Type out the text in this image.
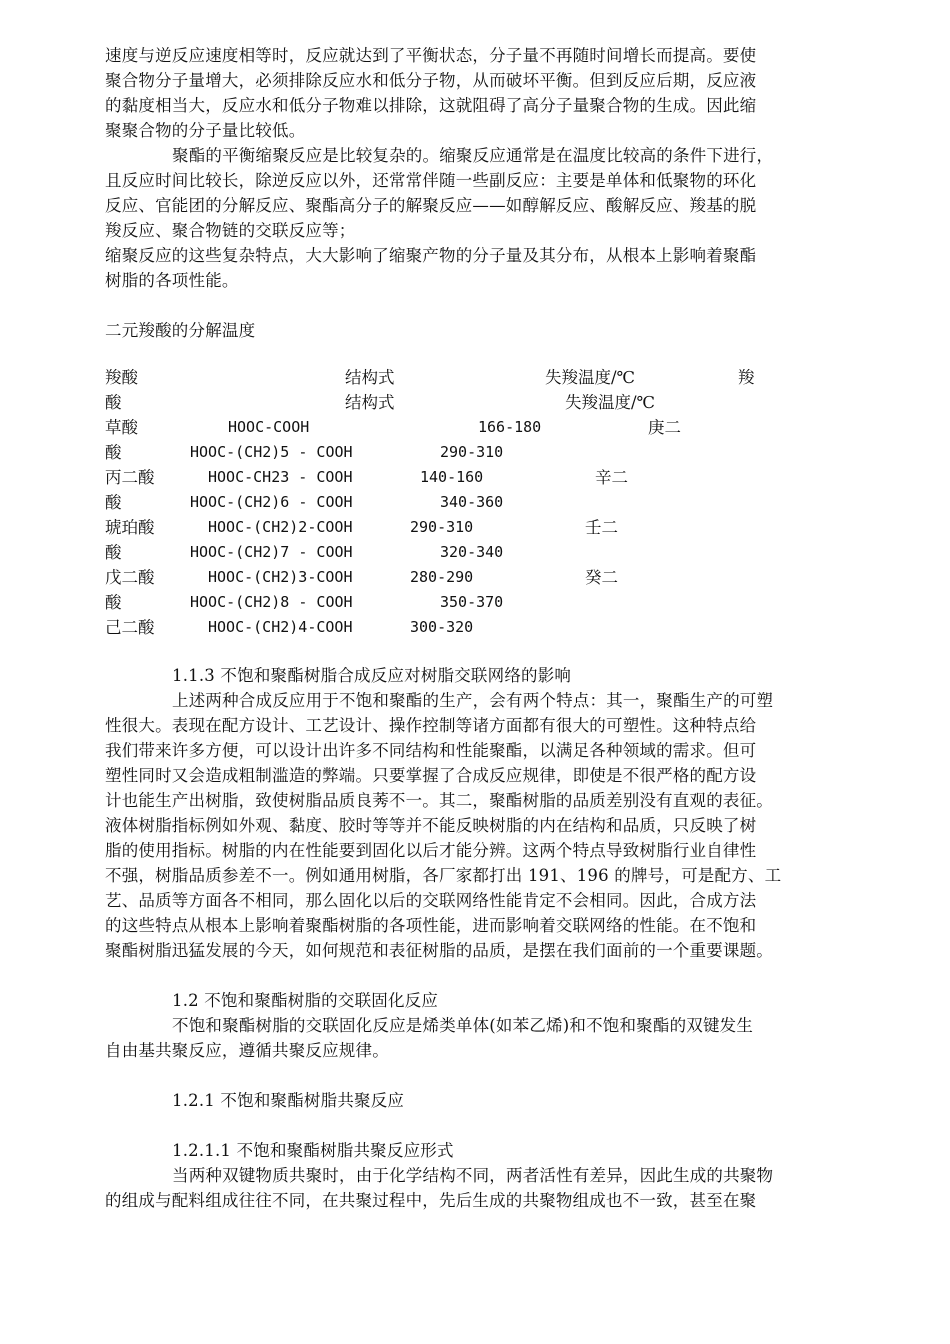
速度与逆反应速度相等时，反应就达到了平衡状态，分子量不再随时间增长而提高。要使
聚合物分子量增大，必须排除反应水和低分子物，从而破坏平衡。但到反应后期，反应液
的黏度相当大，反应水和低分子物难以排除，这就阻碍了高分子量聚合物的生成。因此缩
聚聚合物的分子量比较低。
聚酯的平衡缩聚反应是比较复杂的。缩聚反应通常是在温度比较高的条件下进行，
且反应时间比较长，除逆反应以外，还常常伴随一些副反应：主要是单体和低聚物的环化
反应、官能团的分解反应、聚酯高分子的解聚反应——如醇解反应、酸解反应、羧基的脱
羧反应、聚合物链的交联反应等；
缩聚反应的这些复杂特点，大大影响了缩聚产物的分子量及其分布，从根本上影响着聚酯
树脂的各项性能。
二元羧酸的分解温度
羧酸	结构式	失羧温度/℃	羧
酸	结构式	失羧温度/℃
草酸	HOOC-COOH	166-180	庚二
酸	HOOC-(CH2)5 - COOH	290-310
丙二酸	HOOC-CH23 - COOH	140-160	辛二
酸	HOOC-(CH2)6 - COOH	340-360
琥珀酸	HOOC-(CH2)2-COOH	290-310	壬二
酸	HOOC-(CH2)7 - COOH	320-340
戊二酸	HOOC-(CH2)3-COOH	280-290	癸二
酸	HOOC-(CH2)8 - COOH	350-370
己二酸	HOOC-(CH2)4-COOH	300-320
1.1.3 不饱和聚酯树脂合成反应对树脂交联网络的影响
上述两种合成反应用于不饱和聚酯的生产，会有两个特点：其一，聚酯生产的可塑
性很大。表现在配方设计、工艺设计、操作控制等诸方面都有很大的可塑性。这种特点给
我们带来许多方便，可以设计出许多不同结构和性能聚酯，以满足各种领域的需求。但可
塑性同时又会造成粗制滥造的弊端。只要掌握了合成反应规律，即使是不很严格的配方设
计也能生产出树脂，致使树脂品质良莠不一。其二，聚酯树脂的品质差别没有直观的表征。
液体树脂指标例如外观、黏度、胶时等等并不能反映树脂的内在结构和品质，只反映了树
脂的使用指标。树脂的内在性能要到固化以后才能分辨。这两个特点导致树脂行业自律性
不强，树脂品质参差不一。例如通用树脂，各厂家都打出 191、196 的牌号，可是配方、工
艺、品质等方面各不相同，那么固化以后的交联网络性能肯定不会相同。因此，合成方法
的这些特点从根本上影响着聚酯树脂的各项性能，进而影响着交联网络的性能。在不饱和
聚酯树脂迅猛发展的今天，如何规范和表征树脂的品质，是摆在我们面前的一个重要课题。
1.2 不饱和聚酯树脂的交联固化反应
不饱和聚酯树脂的交联固化反应是烯类单体(如苯乙烯)和不饱和聚酯的双键发生
自由基共聚反应，遵循共聚反应规律。
1.2.1 不饱和聚酯树脂共聚反应
1.2.1.1 不饱和聚酯树脂共聚反应形式
当两种双键物质共聚时，由于化学结构不同，两者活性有差异，因此生成的共聚物
的组成与配料组成往往不同，在共聚过程中，先后生成的共聚物组成也不一致，甚至在聚
